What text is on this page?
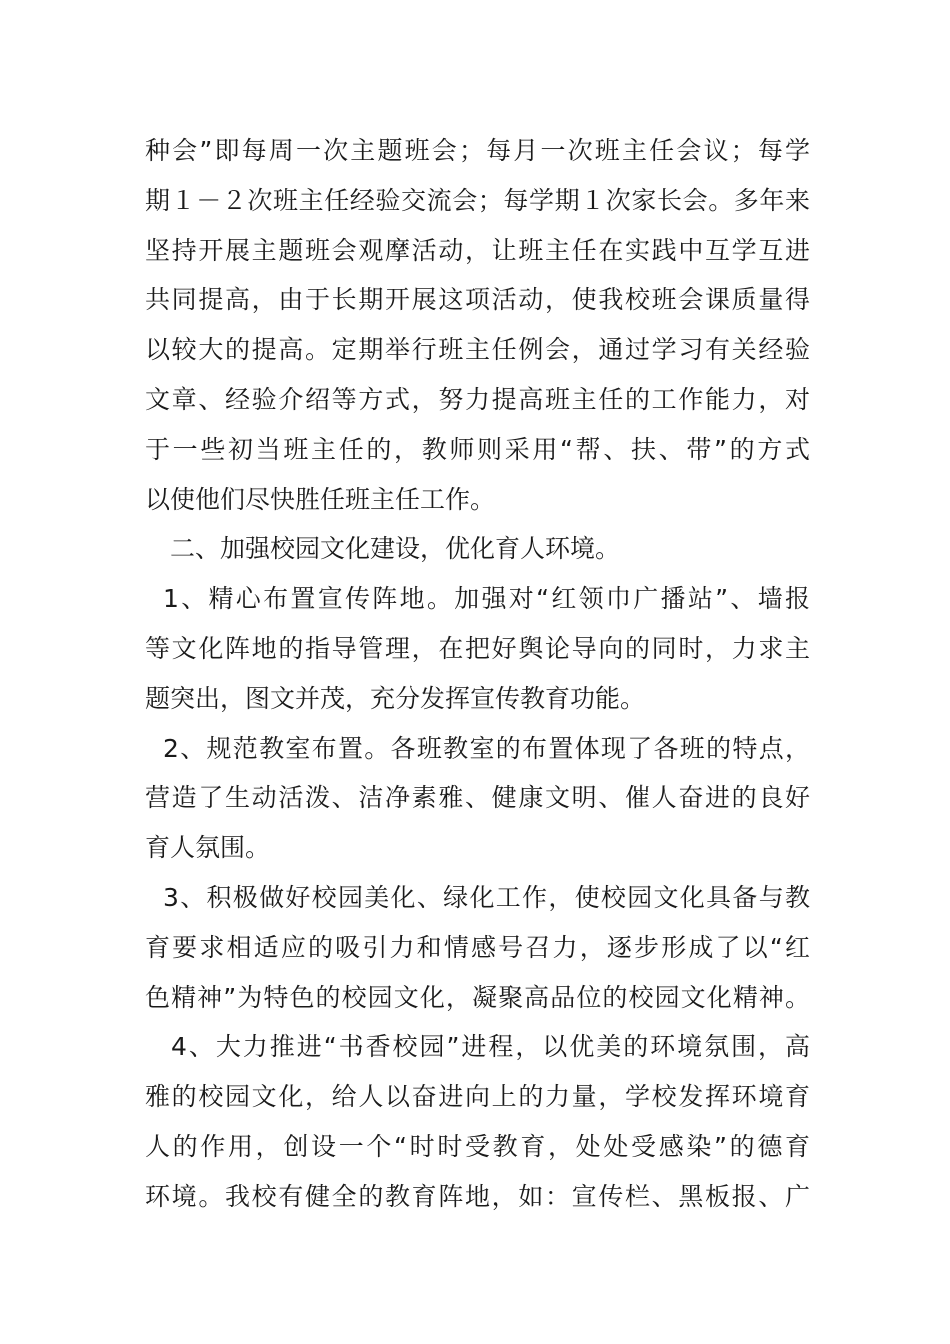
种会”即每周一次主题班会；每月一次班主任会议；每学
期１－２次班主任经验交流会；每学期１次家长会。多年来
坚持开展主题班会观摩活动，让班主任在实践中互学互进
共同提高，由于长期开展这项活动，使我校班会课质量得
以较大的提高。定期举行班主任例会，通过学习有关经验
文章、经验介绍等方式，努力提高班主任的工作能力，对
于一些初当班主任的，教师则采用“帮、扶、带”的方式
以使他们尽快胜任班主任工作。
二、加强校园文化建设，优化育人环境。
1、精心布置宣传阵地。加强对“红领巾广播站”、墙报
等文化阵地的指导管理，在把好舆论导向的同时，力求主
题突出，图文并茂，充分发挥宣传教育功能。
2、规范教室布置。各班教室的布置体现了各班的特点，
营造了生动活泼、洁净素雅、健康文明、催人奋进的良好
育人氛围。
3、积极做好校园美化、绿化工作，使校园文化具备与教
育要求相适应的吸引力和情感号召力，逐步形成了以“红
色精神”为特色的校园文化，凝聚高品位的校园文化精神。
4、大力推进“书香校园”进程，以优美的环境氛围，高
雅的校园文化，给人以奋进向上的力量，学校发挥环境育
人的作用，创设一个“时时受教育，处处受感染”的德育
环境。我校有健全的教育阵地，如：宣传栏、黑板报、广
